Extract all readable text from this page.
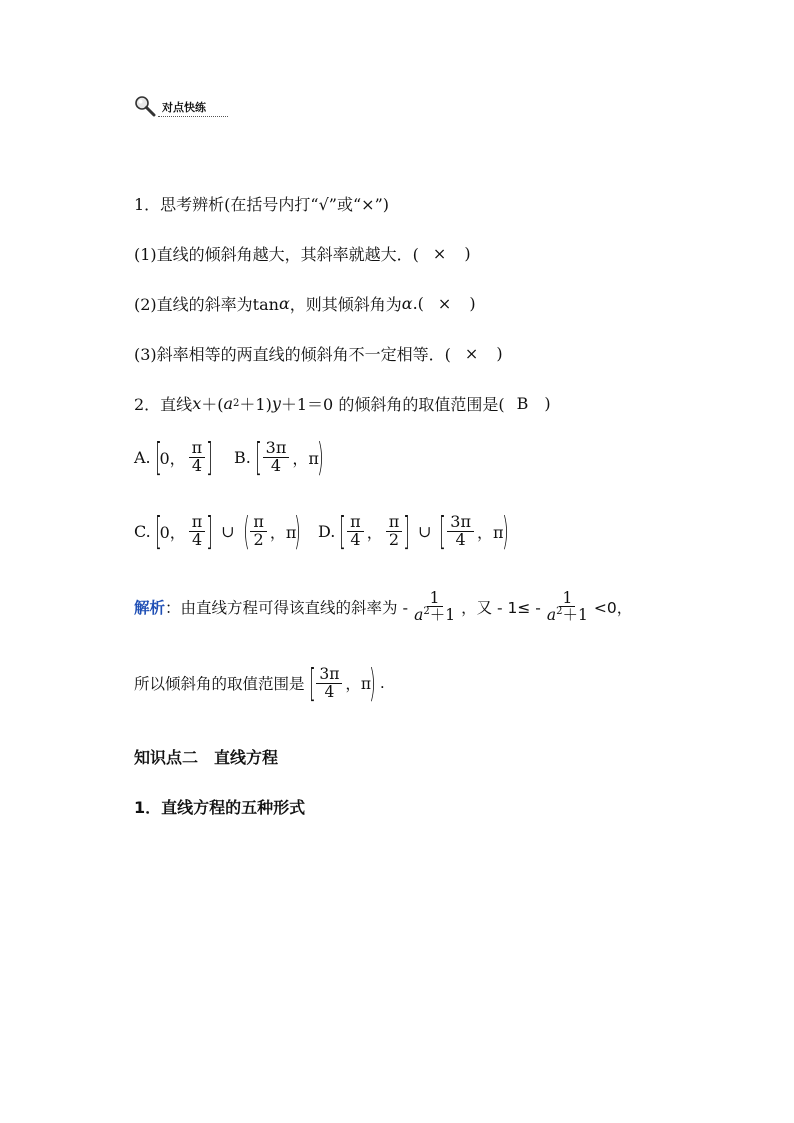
对点快练
1．思考辨析(在括号内打“√”或“×”)
(1)直线的倾斜角越大，其斜率就越大．( × )
(2)直线的斜率为tan α ，则其倾斜角为 α .( × )
(3)斜率相等的两直线的倾斜角不一定相等．( × )
2．直线 x ＋( a 2 ＋1) y ＋1＝0 的倾斜角的取值范围是( B )
A. [
0， $\frac{\pi}{4}$ ] B. [ $\frac{3\pi}{4}$ ，π
)
C. [
0， $\frac{\pi}{4}$ ] ∪ ( $\frac{\pi}{2}$ ，π
) D. [ $\frac{\pi}{4}$ ， $\frac{\pi}{2}$ ] ∪ [ $\frac{3\pi}{4}$ ，π
)
解析 ： 由直线方程可得该直线的斜率为 - $\frac{1}{a^2+1}$ ，又 - $1\le - \frac{1}{a^2+1} <0$，
所以倾斜角的取值范围是 [ $\frac{3\pi}{4}$ ，π
) .
知识点二　直线方程
1．直线方程的五种形式
